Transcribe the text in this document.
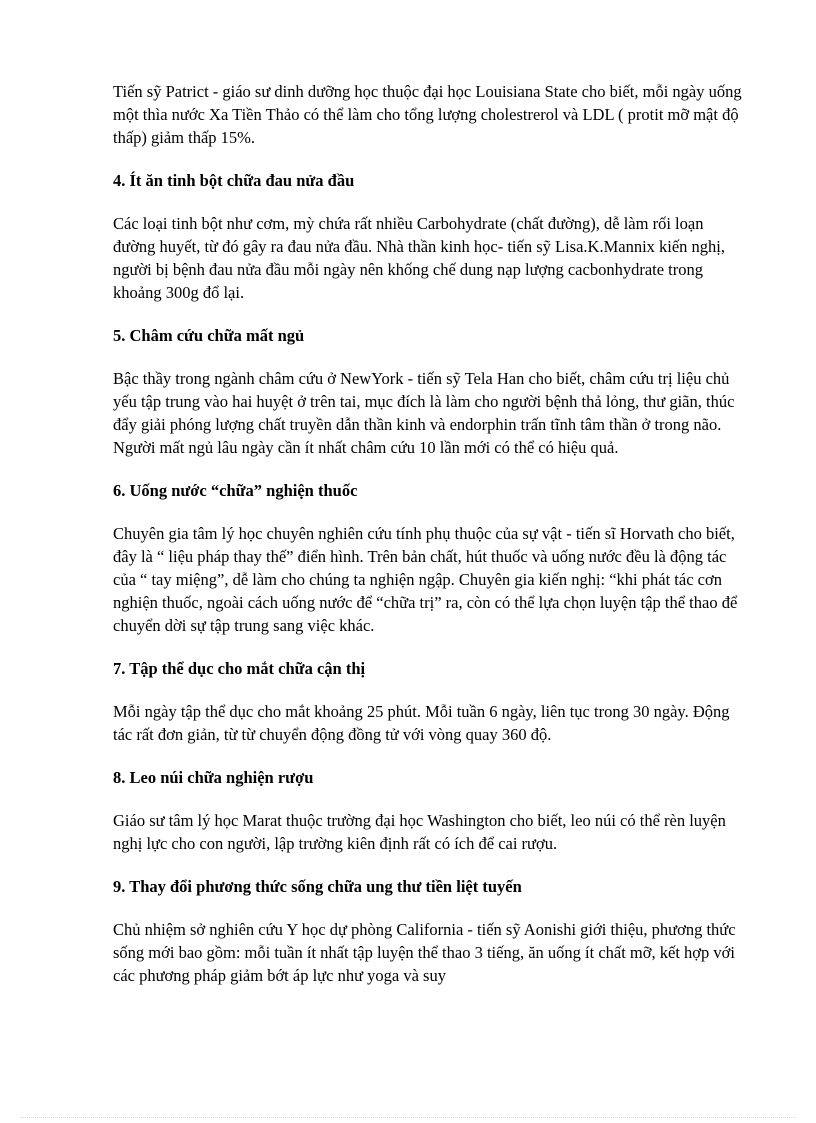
Tiến sỹ Patrict - giáo sư dinh dưỡng học thuộc đại học Louisiana State cho biết, mỗi ngày uống một thìa nước Xa Tiền Thảo có thể làm cho tổng lượng cholestrerol và LDL ( protit mỡ mật độ thấp) giảm thấp 15%.

4. Ít ăn tinh bột chữa đau nửa đầu

Các loại tinh bột như cơm, mỳ chứa rất nhiều Carbohydrate (chất đường), dễ làm rối loạn đường huyết, từ đó gây ra đau nửa đầu. Nhà thần kinh học- tiến sỹ Lisa.K.Mannix kiến nghị, người bị bệnh đau nửa đầu mỗi ngày nên khống chế dung nạp lượng cacbonhydrate trong khoảng 300g đổ lại.

5. Châm cứu chữa mất ngủ

Bậc thầy trong ngành châm cứu ở NewYork - tiến sỹ Tela Han cho biết, châm cứu trị liệu chủ yếu tập trung vào hai huyệt ở trên tai, mục đích là làm cho người bệnh thả lỏng, thư giãn, thúc đẩy giải phóng lượng chất truyền dẫn thần kinh và endorphin trấn tĩnh tâm thần ở trong não. Người mất ngủ lâu ngày cần ít nhất châm cứu 10 lần mới có thể có hiệu quả.

6. Uống nước “chữa” nghiện thuốc

Chuyên gia tâm lý học chuyên nghiên cứu tính phụ thuộc của sự vật - tiến sĩ Horvath cho biết, đây là “ liệu pháp thay thế” điển hình. Trên bản chất, hút thuốc và uống nước đều là động tác của “ tay miệng”, dễ làm cho chúng ta nghiện ngập. Chuyên gia kiến nghị: “khi phát tác cơn nghiện thuốc, ngoài cách uống nước để “chữa trị” ra, còn có thể lựa chọn luyện tập thể thao để chuyển dời sự tập trung sang việc khác.

7. Tập thể dục cho mắt chữa cận thị

Mỗi ngày tập thể dục cho mắt khoảng 25 phút. Mỗi tuần 6 ngày, liên tục trong 30 ngày. Động tác rất đơn giản, từ từ chuyển động đồng tử với vòng quay 360 độ.

8. Leo núi chữa nghiện rượu

Giáo sư tâm lý học Marat thuộc trường đại học Washington cho biết, leo núi có thể rèn luyện nghị lực cho con người, lập trường kiên định rất có ích để cai rượu.

9. Thay đổi phương thức sống chữa ung thư tiền liệt tuyến

Chủ nhiệm sở nghiên cứu Y học dự phòng California - tiến sỹ Aonishi giới thiệu, phương thức sống mới bao gồm: mỗi tuần ít nhất tập luyện thể thao 3 tiếng, ăn uống ít chất mỡ, kết hợp với các phương pháp giảm bớt áp lực như yoga và suy
